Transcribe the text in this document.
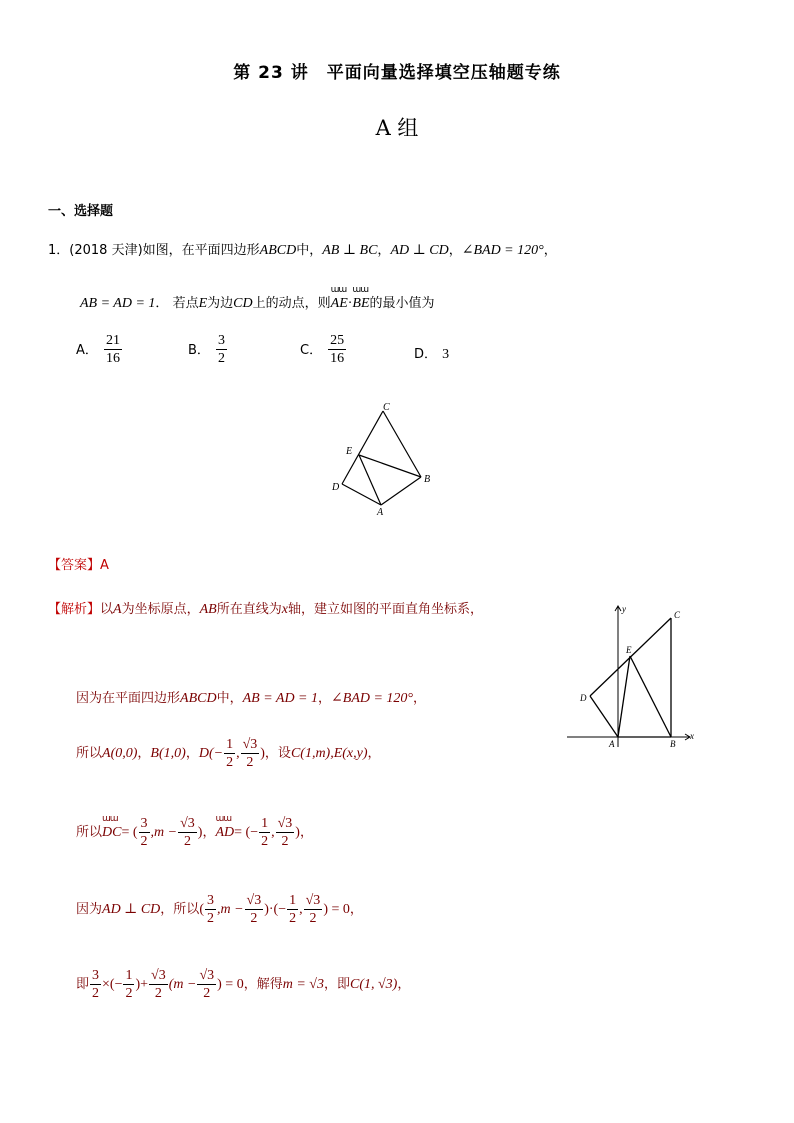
第 23 讲　平面向量选择填空压轴题专练
A 组
一、选择题
1．(2018 天津)如图，在平面四边形ABCD中，AB ⊥ BC，AD ⊥ CD，∠BAD = 120°，
AB = AD = 1． 若点E为边CD上的动点，则
ɯɯ
AE·
ɯɯ
BE的最小值为
A． $\frac{21}{16}$	B． $\frac{3}{2}$	C． $\frac{25}{16}$	D． 3
C
E
B
D
A
【答案】A
【解析】以A为坐标原点，AB所在直线为x轴，建立如图的平面直角坐标系，
因为在平面四边形ABCD中，AB = AD = 1，∠BAD = 120°，
所以A(0,0)，B(1,0)，$D(- \frac{1}{2}$ , $\frac{√3}{2}$ )，设C(1,m),E(x,y)，
所以
ɯɯ
DC= ( $\frac{3}{2} ,m - \frac{√3}{2}$ )，
ɯɯ
AD= (− $\frac{1}{2}$ , $\frac{√3}{2}$ )，
因为AD ⊥ CD，所以( $\frac{3}{2} ,m - \frac{√3}{2}$ )·(− $\frac{1}{2}$ , $\frac{√3}{2}$ ) = 0，
即 $\frac{3}{2}$ ×(− $\frac{1}{2}$ )+ $\frac{√3}{2} (m - \frac{√3}{2}$ ) = 0，解得m = √3，即C(1, √3)，
y
x
C
E
D
A	B
